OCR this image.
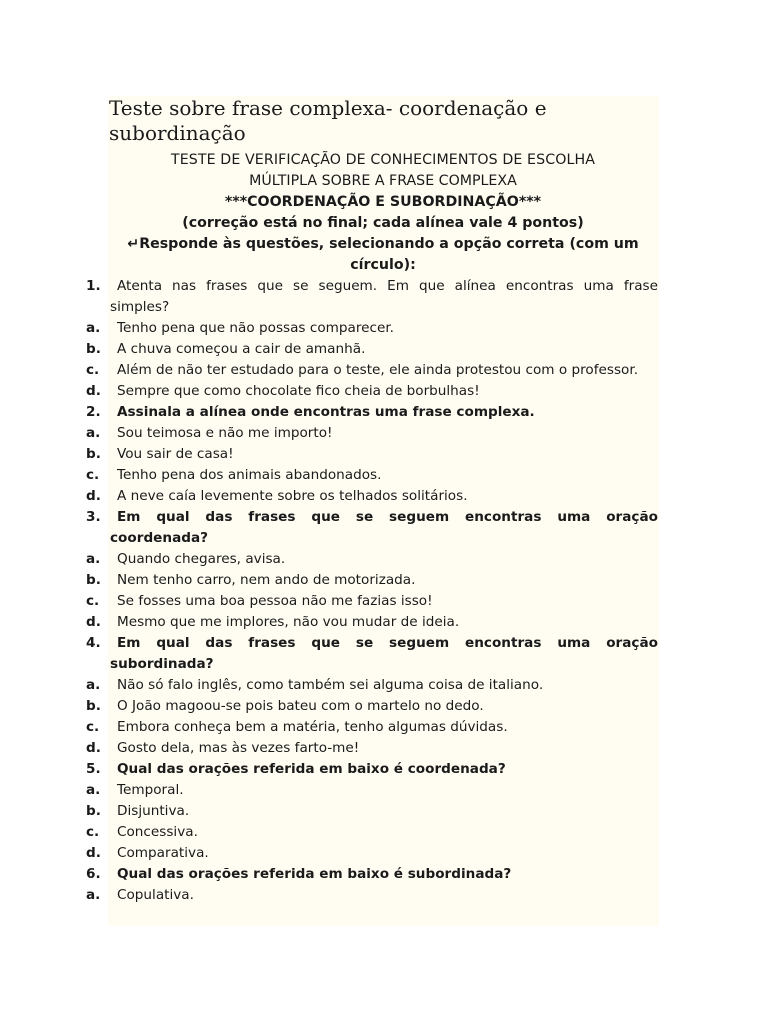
Teste sobre frase complexa- coordenação e subordinação
TESTE DE VERIFICAÇÃO DE CONHECIMENTOS DE ESCOLHA
MÚLTIPLA SOBRE A FRASE COMPLEXA
***COORDENAÇÃO E SUBORDINAÇÃO***
(correção está no final; cada alínea vale 4 pontos)
↵Responde às questões, selecionando a opção correta (com um círculo):
1.	Atenta nas frases que se seguem. Em que alínea encontras uma frase simples?
a.	Tenho pena que não possas comparecer.
b.	A chuva começou a cair de amanhã.
c.	Além de não ter estudado para o teste, ele ainda protestou com o professor.
d.	Sempre que como chocolate fico cheia de borbulhas!
2.	Assinala a alínea onde encontras uma frase complexa.
a.	Sou teimosa e não me importo!
b.	Vou sair de casa!
c.	Tenho pena dos animais abandonados.
d.	A neve caía levemente sobre os telhados solitários.
3.	Em qual das frases que se seguem encontras uma oração coordenada?
a.	Quando chegares, avisa.
b.	Nem tenho carro, nem ando de motorizada.
c.	Se fosses uma boa pessoa não me fazias isso!
d.	Mesmo que me implores, não vou mudar de ideia.
4.	Em qual das frases que se seguem encontras uma oração subordinada?
a.	Não só falo inglês, como também sei alguma coisa de italiano.
b.	O João magoou-se pois bateu com o martelo no dedo.
c.	Embora conheça bem a matéria, tenho algumas dúvidas.
d.	Gosto dela, mas às vezes farto-me!
5.	Qual das orações referida em baixo é coordenada?
a.	Temporal.
b.	Disjuntiva.
c.	Concessiva.
d.	Comparativa.
6.	Qual das orações referida em baixo é subordinada?
a.	Copulativa.
